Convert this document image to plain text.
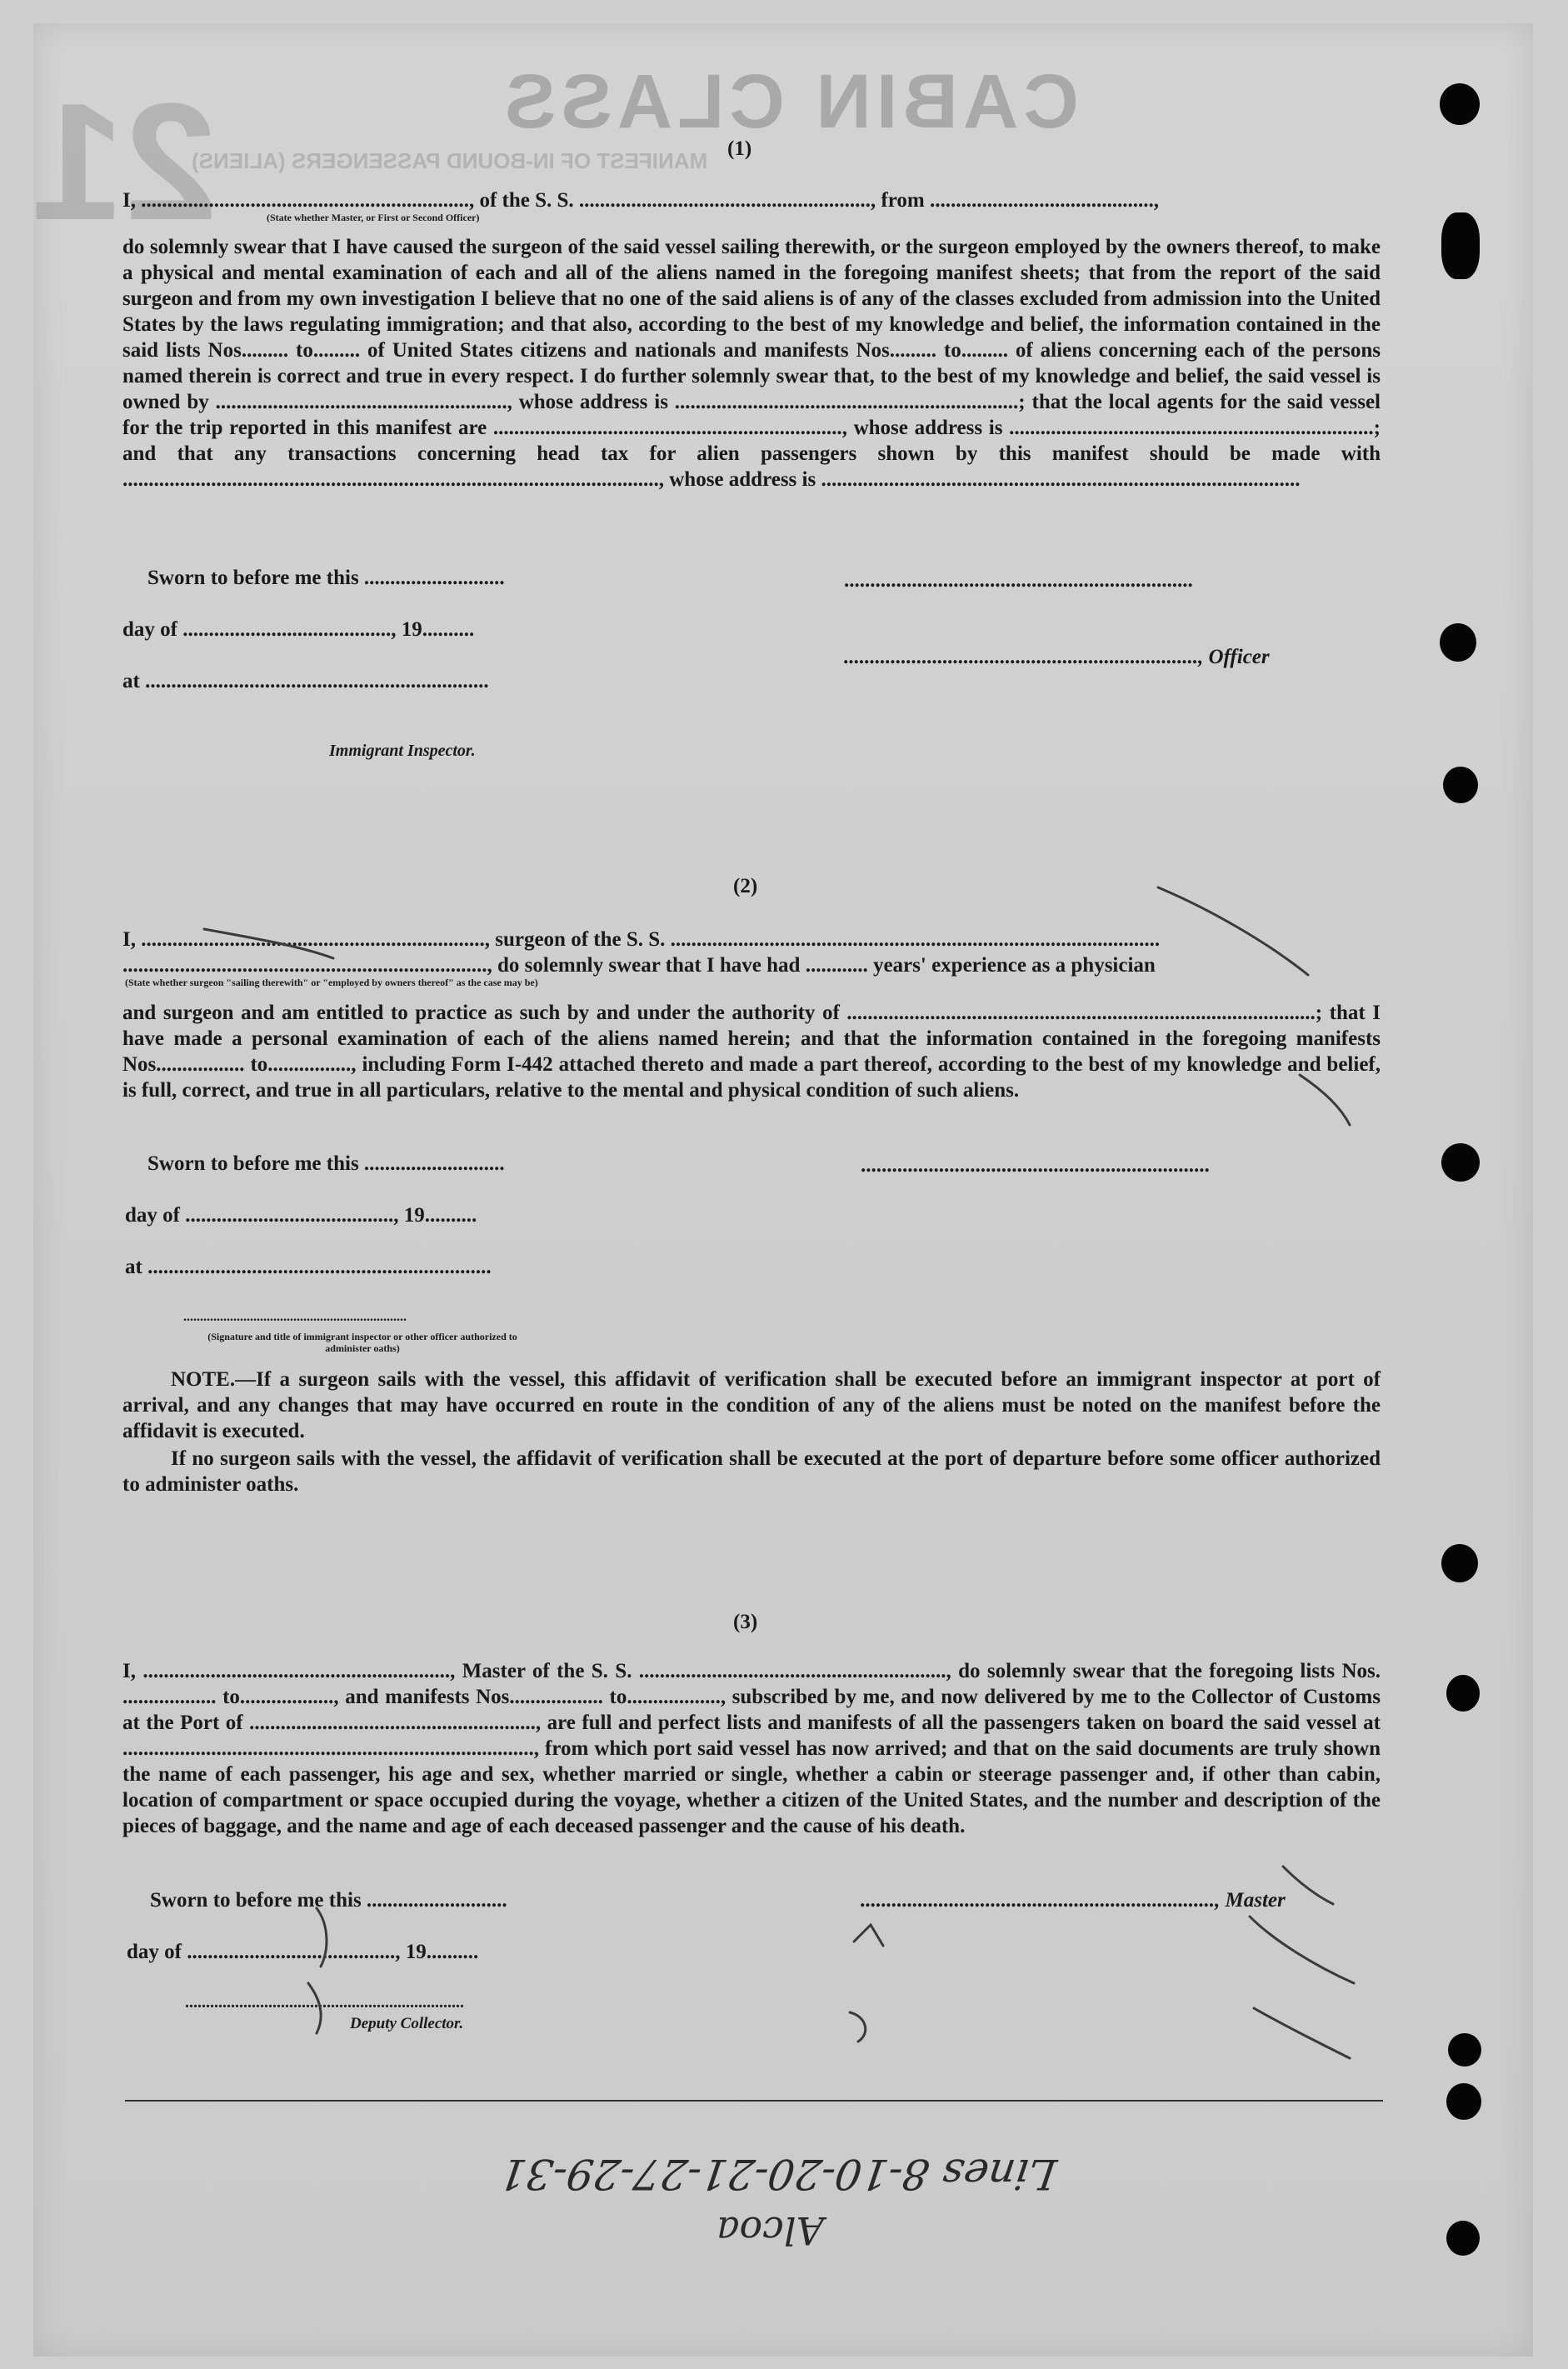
CABIN CLASS
21
MANIFEST OF IN-BOUND PASSENGERS (ALIENS) (1)
I, ..............................................................., of the S. S. ........................................................, from ...........................................,
(State whether Master, or First or Second Officer)
do solemnly swear that I have caused the surgeon of the said vessel sailing therewith, or the surgeon employed by the owners thereof, to make a physical and mental examination of each and all of the aliens named in the foregoing manifest sheets; that from the report of the said surgeon and from my own investigation I believe that no one of the said aliens is of any of the classes excluded from admission into the United States by the laws regulating immigration; and that also, according to the best of my knowledge and belief, the information contained in the said lists Nos......... to......... of United States citizens and nationals and manifests Nos......... to......... of aliens concerning each of the persons named therein is correct and true in every respect. I do further solemnly swear that, to the best of my knowledge and belief, the said vessel is owned by ........................................................, whose address is ..................................................................; that the local agents for the said vessel for the trip reported in this manifest are ..................................................................., whose address is ......................................................................; and that any transactions concerning head tax for alien passengers shown by this manifest should be made with ......................................................................................................., whose address is ............................................................................................
Sworn to before me this ...........................
day of ........................................, 19..........
at ..................................................................
Immigrant Inspector.
...................................................................
...................................................................., Officer
(2)
I, .................................................................., surgeon of the S. S. ..............................................................................................
......................................................................, do solemnly swear that I have had ............ years' experience as a physician
(State whether surgeon "sailing therewith" or "employed by owners thereof" as the case may be)
and surgeon and am entitled to practice as such by and under the authority of ..........................................................................................; that I have made a personal examination of each of the aliens named herein; and that the information contained in the foregoing manifests Nos................. to................, including Form I-442 attached thereto and made a part thereof, according to the best of my knowledge and belief, is full, correct, and true in all particulars, relative to the mental and physical condition of such aliens.
Sworn to before me this ...........................
day of ........................................, 19..........
at ..................................................................
...................................................................
...................................................................
(Signature and title of immigrant inspector or other officer authorized to administer oaths)
NOTE.—If a surgeon sails with the vessel, this affidavit of verification shall be executed before an immigrant inspector at port of arrival, and any changes that may have occurred en route in the condition of any of the aliens must be noted on the manifest before the affidavit is executed.
If no surgeon sails with the vessel, the affidavit of verification shall be executed at the port of departure before some officer authorized to administer oaths.
(3)
I, ..........................................................., Master of the S. S. ..........................................................., do solemnly swear that the foregoing lists Nos. .................. to.................., and manifests Nos.................. to.................., subscribed by me, and now delivered by me to the Collector of Customs at the Port of ......................................................., are full and perfect lists and manifests of all the passengers taken on board the said vessel at ..............................................................................., from which port said vessel has now arrived; and that on the said documents are truly shown the name of each passenger, his age and sex, whether married or single, whether a cabin or steerage passenger and, if other than cabin, location of compartment or space occupied during the voyage, whether a citizen of the United States, and the number and description of the pieces of baggage, and the name and age of each deceased passenger and the cause of his death.
Sworn to before me this ...........................
day of ........................................, 19..........
...................................................................
Deputy Collector.
...................................................................., Master
Lines 8-10-20-21-27-29-31
Alcoa
